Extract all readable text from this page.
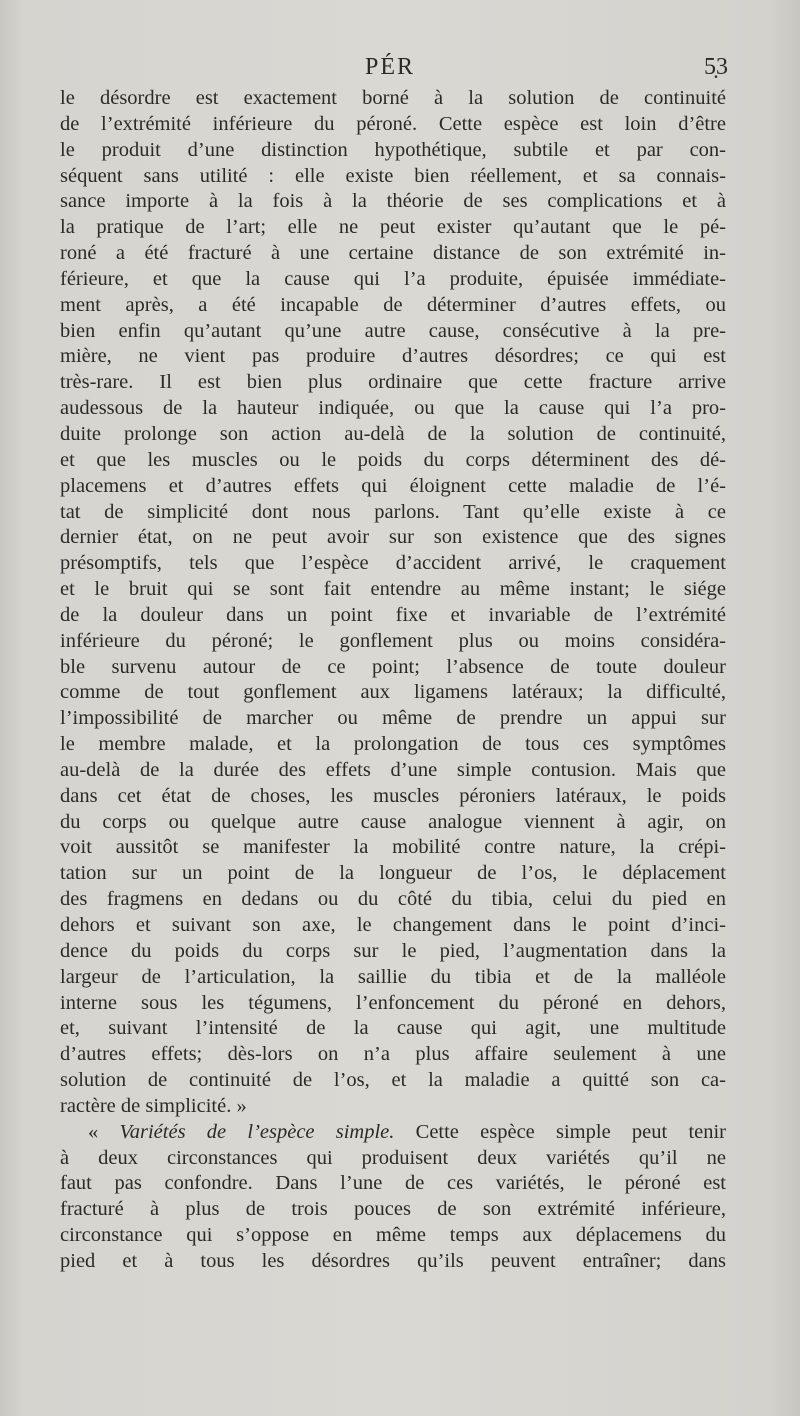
PÉR	5̣3
le désordre est exactement borné à la solution de continuité
de l’extrémité inférieure du péroné. Cette espèce est loin d’être
le produit d’une distinction hypothétique, subtile et par con-
séquent sans utilité : elle existe bien réellement, et sa connais-
sance importe à la fois à la théorie de ses complications et à
la pratique de l’art; elle ne peut exister qu’autant que le pé-
roné a été fracturé à une certaine distance de son extrémité in-
férieure, et que la cause qui l’a produite, épuisée immédiate-
ment après, a été incapable de déterminer d’autres effets, ou
bien enfin qu’autant qu’une autre cause, consécutive à la pre-
mière, ne vient pas produire d’autres désordres; ce qui est
très-rare. Il est bien plus ordinaire que cette fracture arrive
audessous de la hauteur indiquée, ou que la cause qui l’a pro-
duite prolonge son action au-delà de la solution de continuité,
et que les muscles ou le poids du corps déterminent des dé-
placemens et d’autres effets qui éloignent cette maladie de l’é-
tat de simplicité dont nous parlons. Tant qu’elle existe à ce
dernier état, on ne peut avoir sur son existence que des signes
présomptifs, tels que l’espèce d’accident arrivé, le craquement
et le bruit qui se sont fait entendre au même instant; le siége
de la douleur dans un point fixe et invariable de l’extrémité
inférieure du péroné; le gonflement plus ou moins considéra-
ble survenu autour de ce point; l’absence de toute douleur
comme de tout gonflement aux ligamens latéraux; la difficulté,
l’impossibilité de marcher ou même de prendre un appui sur
le membre malade, et la prolongation de tous ces symptômes
au-delà de la durée des effets d’une simple contusion. Mais que
dans cet état de choses, les muscles péroniers latéraux, le poids
du corps ou quelque autre cause analogue viennent à agir, on
voit aussitôt se manifester la mobilité contre nature, la crépi-
tation sur un point de la longueur de l’os, le déplacement
des fragmens en dedans ou du côté du tibia, celui du pied en
dehors et suivant son axe, le changement dans le point d’inci-
dence du poids du corps sur le pied, l’augmentation dans la
largeur de l’articulation, la saillie du tibia et de la malléole
interne sous les tégumens, l’enfoncement du péroné en dehors,
et, suivant l’intensité de la cause qui agit, une multitude
d’autres effets; dès-lors on n’a plus affaire seulement à une
solution de continuité de l’os, et la maladie a quitté son ca-
ractère de simplicité. »
« Variétés de l’espèce simple. Cette espèce simple peut tenir
à deux circonstances qui produisent deux variétés qu’il ne
faut pas confondre. Dans l’une de ces variétés, le péroné est
fracturé à plus de trois pouces de son extrémité inférieure,
circonstance qui s’oppose en même temps aux déplacemens du
pied et à tous les désordres qu’ils peuvent entraîner; dans
